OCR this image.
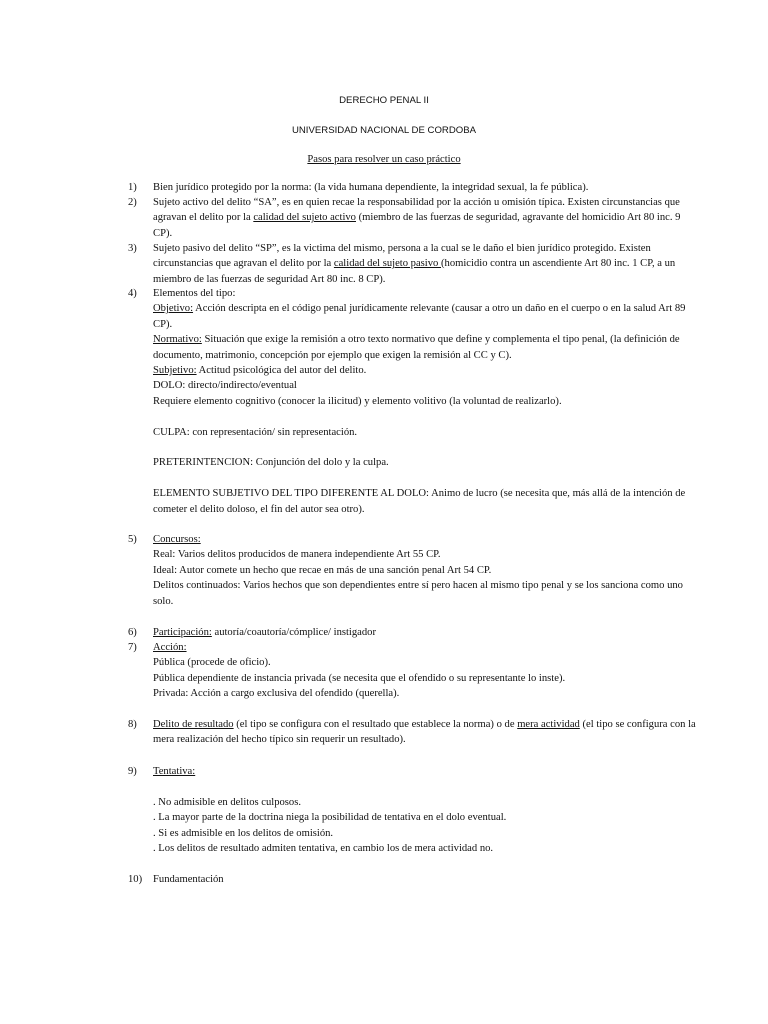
DERECHO PENAL II
UNIVERSIDAD NACIONAL DE CORDOBA
Pasos para resolver un caso práctico
1)	Bien jurídico protegido por la norma: (la vida humana dependiente, la integridad sexual, la fe pública).

2)	Sujeto activo del delito “SA”, es en quien recae la responsabilidad por la acción u omisión típica. Existen circunstancias que agravan el delito por la calidad del sujeto activo (miembro de las fuerzas de seguridad, agravante del homicidio Art 80 inc. 9 CP).

3)	Sujeto pasivo del delito “SP”, es la victima del mismo, persona a la cual se le daño el bien jurídico protegido. Existen circunstancias que agravan el delito por la calidad del sujeto pasivo (homicidio contra un ascendiente Art 80 inc. 1 CP, a un miembro de las fuerzas de seguridad Art 80 inc. 8 CP).

4)	Elementos del tipo:

Objetivo: Acción descripta en el código penal jurídicamente relevante (causar a otro un daño en el cuerpo o en la salud Art 89 CP).

Normativo: Situación que exige la remisión a otro texto normativo que define y complementa el tipo penal, (la definición de documento, matrimonio, concepción por ejemplo que exigen la remisión al CC y C).

Subjetivo: Actitud psicológica del autor del delito.

DOLO: directo/indirecto/eventual

Requiere elemento cognitivo (conocer la ilicitud) y elemento volitivo (la voluntad de realizarlo).

CULPA: con representación/ sin representación.

PRETERINTENCION: Conjunción del dolo y la culpa.

ELEMENTO SUBJETIVO DEL TIPO DIFERENTE AL DOLO: Animo de lucro (se necesita que, más allá de la intención de cometer el delito doloso, el fin del autor sea otro).

5)	Concursos:

Real: Varios delitos producidos de manera independiente Art 55 CP.

Ideal: Autor comete un hecho que recae en más de una sanción penal Art 54 CP.

Delitos continuados: Varios hechos que son dependientes entre sí pero hacen al mismo tipo penal y se los sanciona como uno solo.

6)	Participación: autoría/coautoría/cómplice/ instigador

7)	Acción:

Pública (procede de oficio).

Pública dependiente de instancia privada (se necesita que el ofendido o su representante lo inste).

Privada: Acción a cargo exclusiva del ofendido (querella).

8)	Delito de resultado (el tipo se configura con el resultado que establece la norma) o de mera actividad (el tipo se configura con la mera realización del hecho típico sin requerir un resultado).

9)	Tentativa:

. No admisible en delitos culposos.

. La mayor parte de la doctrina niega la posibilidad de tentativa en el dolo eventual.

. Si es admisible en los delitos de omisión.

. Los delitos de resultado admiten tentativa, en cambio los de mera actividad no.

10)	Fundamentación
